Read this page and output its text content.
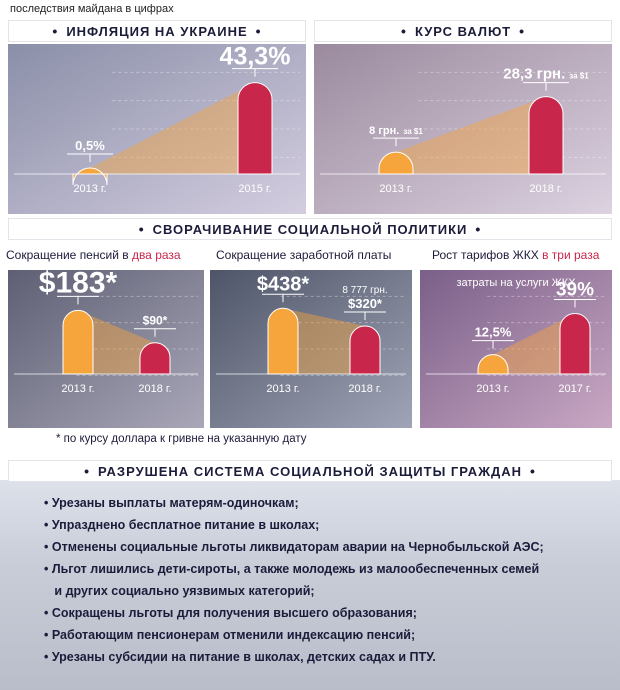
последствия майдана в цифрах
• ИНФЛЯЦИЯ НА УКРАИНЕ •	• КУРС ВАЛЮТ •
0,5%
2013 г.
43,3%
2015 г.
8 грн. за $1
2013 г.
28,3 грн. за $1
2018 г.
• СВОРАЧИВАНИЕ СОЦИАЛЬНОЙ ПОЛИТИКИ •
Сокращение пенсий в два раза	Сокращение заработной платы	Рост тарифов ЖКХ в три раза
$183*
2013 г.
$90*
2018 г.
$438*
3 618 грн.
2013 г.
$320*
8 777 грн.
2018 г.
12,5%
2013 г.
39%
2017 г.
затраты на услуги ЖКХ
* по курсу доллара к гривне на указанную дату
• РАЗРУШЕНА СИСТЕМА СОЦИАЛЬНОЙ ЗАЩИТЫ ГРАЖДАН •
• Урезаны выплаты матерям-одиночкам;
• Упразднено бесплатное питание в школах;
• Отменены социальные льготы ликвидаторам аварии на Чернобыльской АЭС;
• Льгот лишились дети-сироты, а также молодежь из малообеспеченных семей
и других социально уязвимых категорий;
• Сокращены льготы для получения высшего образования;
• Работающим пенсионерам отменили индексацию пенсий;
• Урезаны субсидии на питание в школах, детских садах и ПТУ.
